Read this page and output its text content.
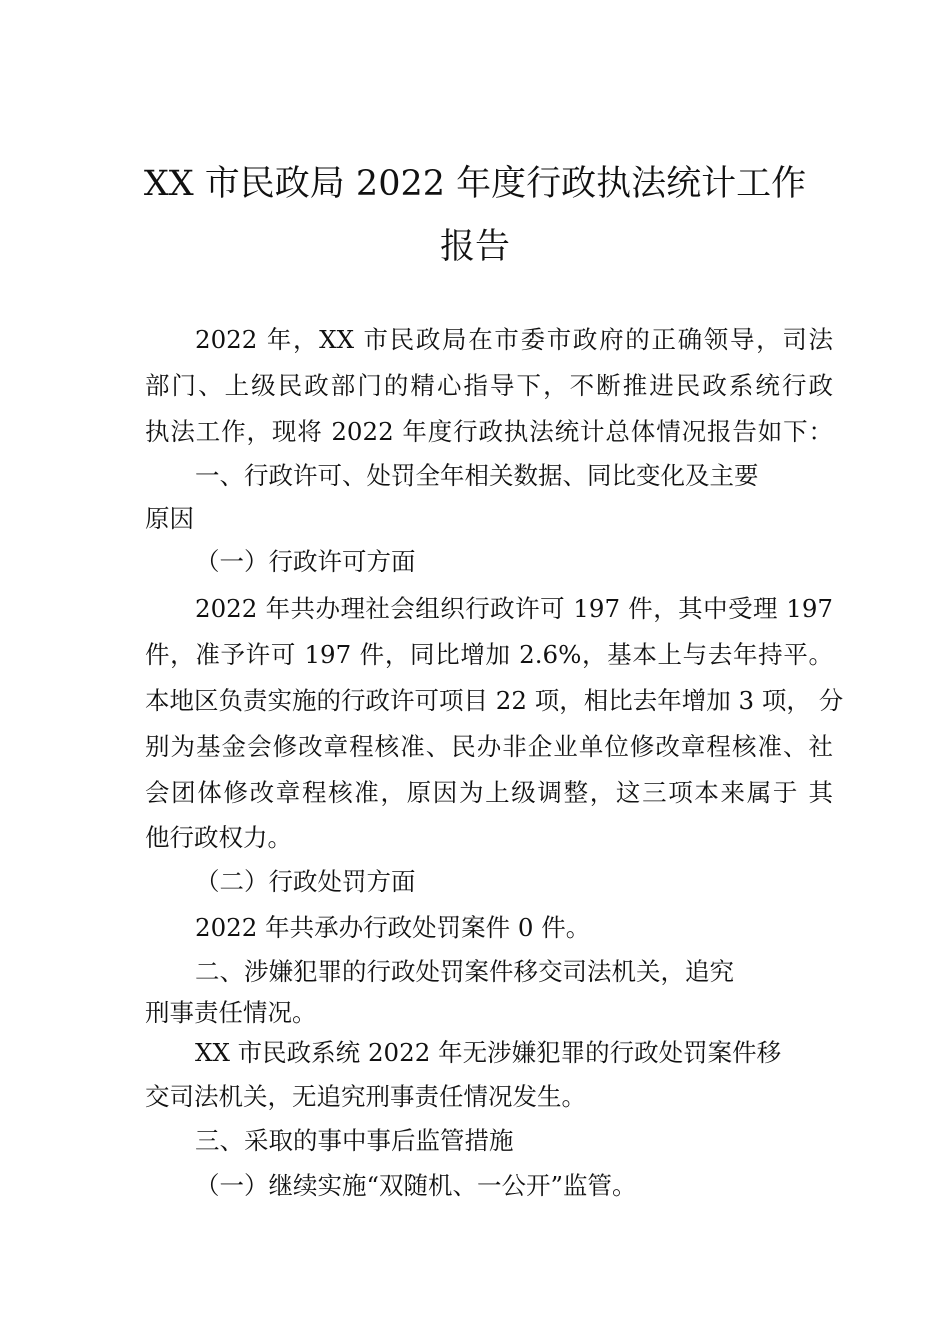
XX 市民政局 2022 年度行政执法统计工作
报告

2022 年，XX 市民政局在市委市政府的正确领导，司法

部门、上级民政部门的精心指导下，不断推进民政系统行政

执法工作，现将 2022 年度行政执法统计总体情况报告如下：

一、行政许可、处罚全年相关数据、同比变化及主要

原因

（一）行政许可方面

2022 年共办理社会组织行政许可 197 件，其中受理 197

件，准予许可 197 件，同比增加 2.6%，基本上与去年持平。

本地区负责实施的行政许可项目 22 项，相比去年增加 3 项， 分

别为基金会修改章程核准、民办非企业单位修改章程核准、社

会团体修改章程核准，原因为上级调整，这三项本来属于 其

他行政权力。

（二）行政处罚方面

2022 年共承办行政处罚案件 0 件。

二、涉嫌犯罪的行政处罚案件移交司法机关，追究

刑事责任情况。

XX 市民政系统 2022 年无涉嫌犯罪的行政处罚案件移

交司法机关，无追究刑事责任情况发生。

三、采取的事中事后监管措施

（一）继续实施“双随机、一公开”监管。
